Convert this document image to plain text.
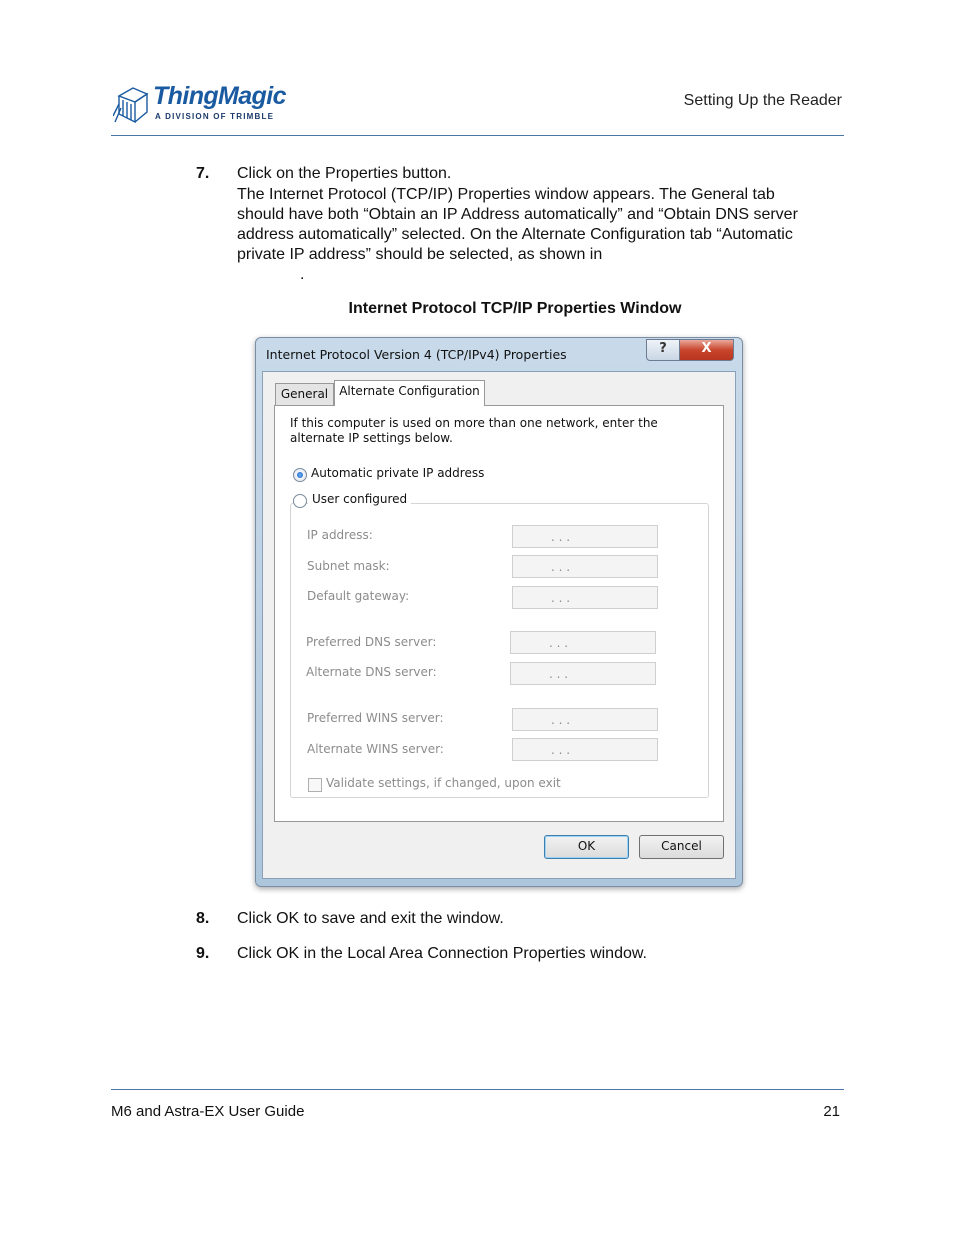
ThingMagic
A DIVISION OF TRIMBLE
Setting Up the Reader
7. Click on the Properties button.
The Internet Protocol (TCP/IP) Properties window appears. The General tab
should have both “Obtain an IP Address automatically” and “Obtain DNS server
address automatically” selected. On the Alternate Configuration tab “Automatic
private IP address” should be selected, as shown in
.
Internet Protocol TCP/IP Properties Window
Internet Protocol Version 4 (TCP/IPv4) Properties	?	X
General Alternate Configuration
If this computer is used on more than one network, enter the alternate IP settings below.
Automatic private IP address
IP address:	. . .
Subnet mask:	. . .
Default gateway:	. . .
Preferred DNS server:	. . .
Alternate DNS server:	. . .
Preferred WINS server:	. . .
Alternate WINS server:	. . .
Validate settings, if changed, upon exit
User configured
OK	Cancel
8. Click OK to save and exit the window.
9. Click OK in the Local Area Connection Properties window.
M6 and Astra-EX User Guide	21
